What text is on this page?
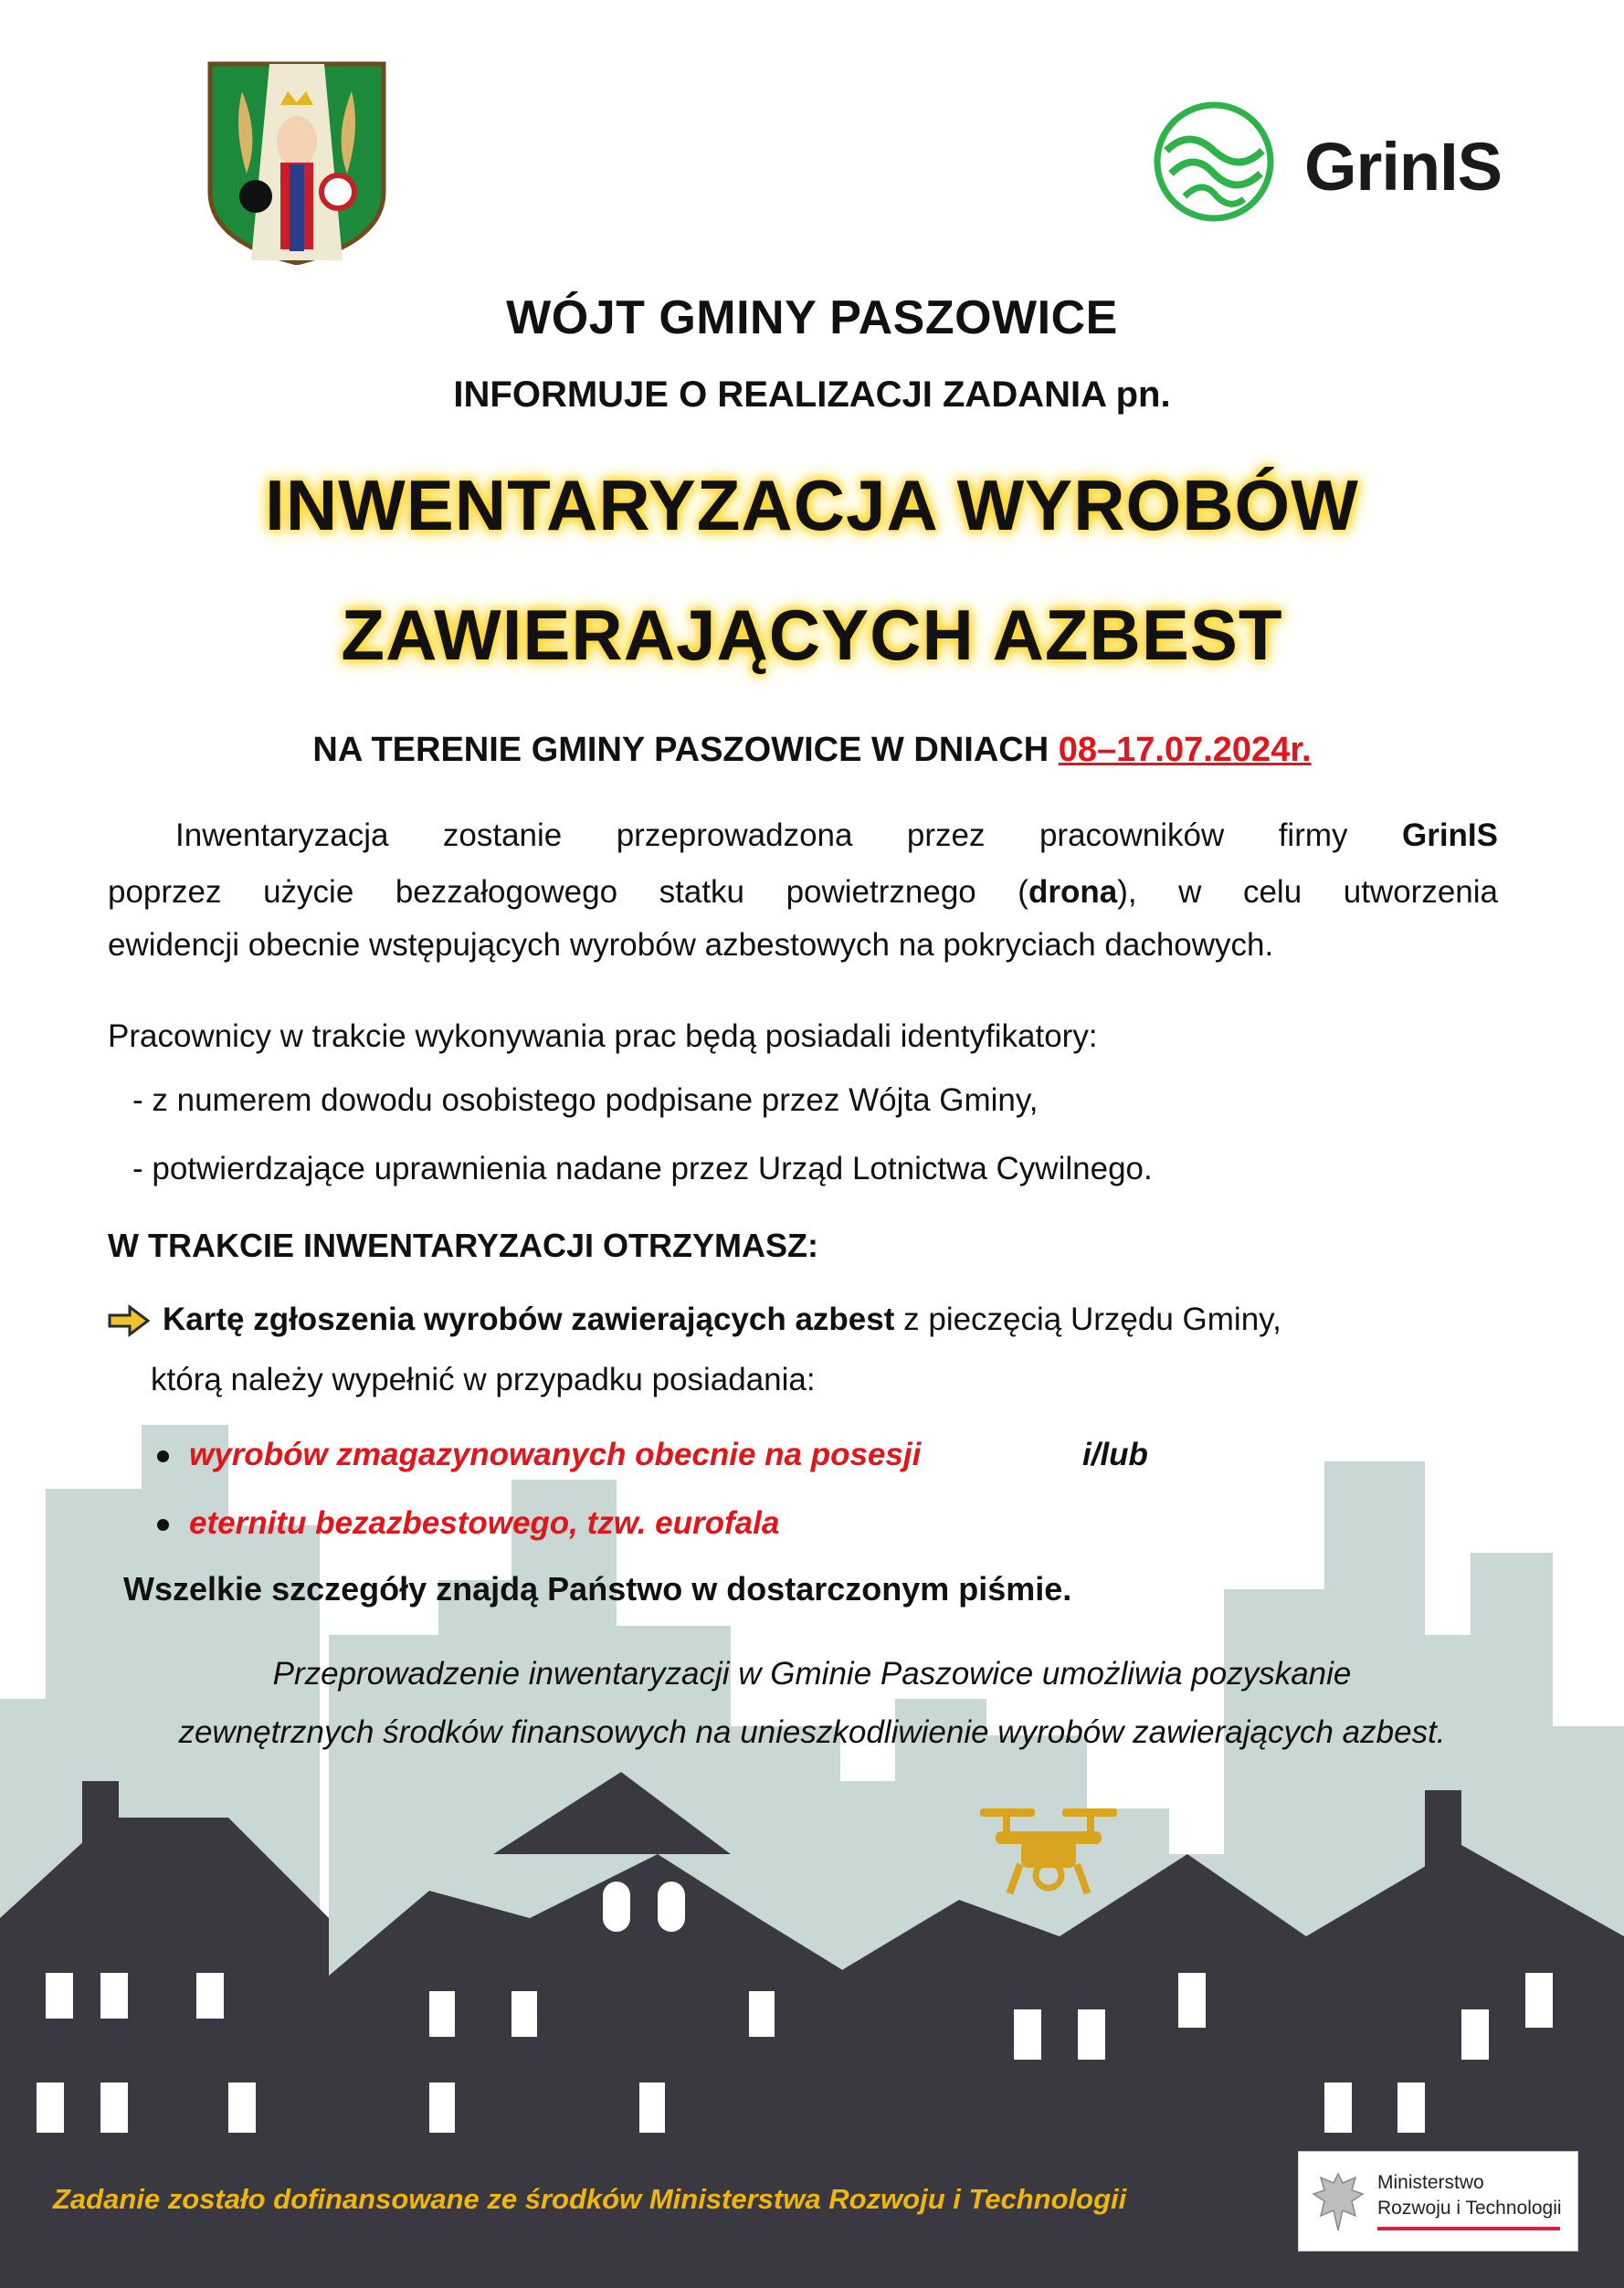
GrinIS
WÓJT GMINY PASZOWICE
INFORMUJE O REALIZACJI ZADANIA pn.
INWENTARYZACJA WYROBÓW
ZAWIERAJĄCYCH AZBEST
NA TERENIE GMINY PASZOWICE W DNIACH 08–17.07.2024r.
Inwentaryzacja zostanie przeprowadzona przez pracowników firmy GrinIS
poprzez użycie bezzałogowego statku powietrznego (drona), w celu utworzenia
ewidencji obecnie wstępujących wyrobów azbestowych na pokryciach dachowych.
Pracownicy w trakcie wykonywania prac będą posiadali identyfikatory:
- z numerem dowodu osobistego podpisane przez Wójta Gminy,
- potwierdzające uprawnienia nadane przez Urząd Lotnictwa Cywilnego.
W TRAKCIE INWENTARYZACJI OTRZYMASZ:
Kartę zgłoszenia wyrobów zawierających azbest z pieczęcią Urzędu Gminy,
którą należy wypełnić w przypadku posiadania:
wyrobów zmagazynowanych obecnie na posesji	i/lub
eternitu bezazbestowego, tzw. eurofala
Wszelkie szczegóły znajdą Państwo w dostarczonym piśmie.
Przeprowadzenie inwentaryzacji w Gminie Paszowice umożliwia pozyskanie
zewnętrznych środków finansowych na unieszkodliwienie wyrobów zawierających azbest.
Zadanie zostało dofinansowane ze środków Ministerstwa Rozwoju i Technologii
Ministerstwo
Rozwoju i Technologii
